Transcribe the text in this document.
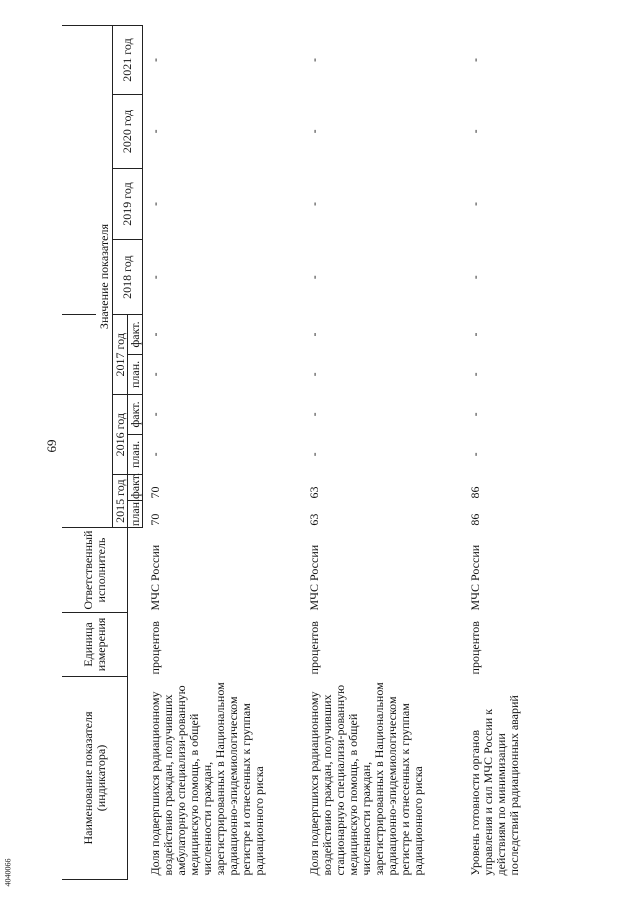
69
4040066
Наименование показателя (индикатора)	Единица измерения	Ответственный исполнитель										
			Значение показателя									
			2015 год		2016 год		2017 год		2018 год	2019 год	2020 год	2021 год
			план.	факт.	план.	факт.	план.	факт.				
Доля подвергшихся радиационному воздействию граждан, получивших амбулаторную специализи-рованную медицинскую помощь, в общей численности граждан, зарегистрированных в Национальном радиационно-эпидемиологическом регистре и отнесенных к группам радиационного риска	процентов	МЧС России	70	70	-	-	-	-	-	-	-	-
Доля подвергшихся радиационному воздействию граждан, получивших стационарную специализи-рованную медицинскую помощь, в общей численности граждан, зарегистрированных в Национальном радиационно-эпидемиологическом регистре и отнесенных к группам радиационного риска	процентов	МЧС России	63	63	-	-	-	-	-	-	-	-
Уровень готовности органов управления и сил МЧС России к действиям по минимизации последствий радиационных аварий	процентов	МЧС России	86	86	-	-	-	-	-	-	-	-
